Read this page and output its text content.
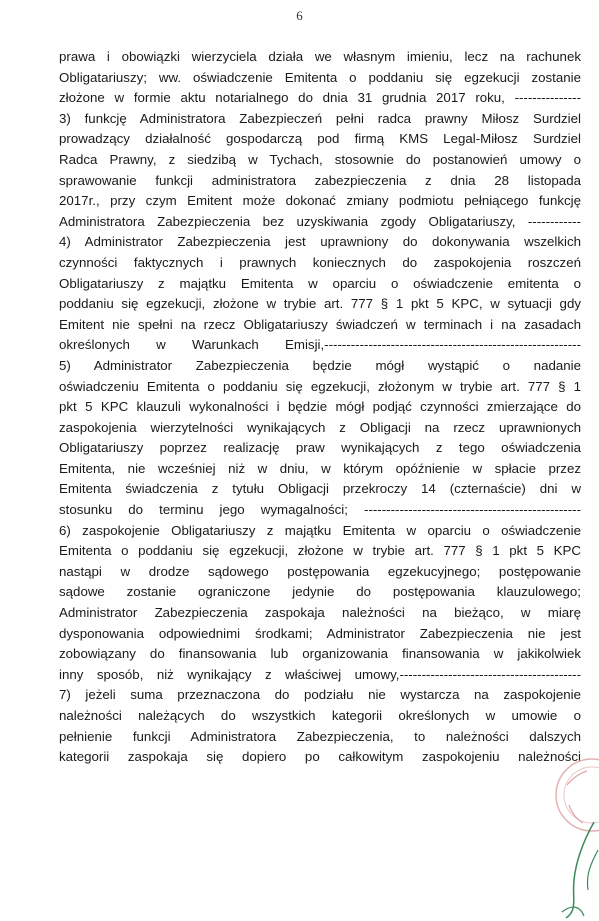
6
prawa i obowiązki wierzyciela działa we własnym imieniu, lecz na rachunek
Obligatariuszy; ww. oświadczenie Emitenta o poddaniu się egzekucji zostanie
złożone w formie aktu notarialnego do dnia 31 grudnia 2017 roku, ---------------
3) funkcję Administratora Zabezpieczeń pełni radca prawny Miłosz Surdziel
prowadzący działalność gospodarczą pod firmą KMS Legal-Miłosz Surdziel
Radca Prawny, z siedzibą w Tychach, stosownie do postanowień umowy o
sprawowanie funkcji administratora zabezpieczenia z dnia 28 listopada
2017r., przy czym Emitent może dokonać zmiany podmiotu pełniącego funkcję
Administratora Zabezpieczenia bez uzyskiwania zgody Obligatariuszy, ------------
4) Administrator Zabezpieczenia jest uprawniony do dokonywania wszelkich
czynności faktycznych i prawnych koniecznych do zaspokojenia roszczeń
Obligatariuszy z majątku Emitenta w oparciu o oświadczenie emitenta o
poddaniu się egzekucji, złożone w trybie art. 777 § 1 pkt 5 KPC, w sytuacji gdy
Emitent nie spełni na rzecz Obligatariuszy świadczeń w terminach i na zasadach
określonych w Warunkach Emisji,----------------------------------------------------------
5) Administrator Zabezpieczenia będzie mógł wystąpić o nadanie
oświadczeniu Emitenta o poddaniu się egzekucji, złożonym w trybie art. 777 § 1
pkt 5 KPC klauzuli wykonalności i będzie mógł podjąć czynności zmierzające do
zaspokojenia wierzytelności wynikających z Obligacji na rzecz uprawnionych
Obligatariuszy poprzez realizację praw wynikających z tego oświadczenia
Emitenta, nie wcześniej niż w dniu, w którym opóźnienie w spłacie przez
Emitenta świadczenia z tytułu Obligacji przekroczy 14 (czternaście) dni w
stosunku do terminu jego wymagalności; -------------------------------------------------
6) zaspokojenie Obligatariuszy z majątku Emitenta w oparciu o oświadczenie
Emitenta o poddaniu się egzekucji, złożone w trybie art. 777 § 1 pkt 5 KPC
nastąpi w drodze sądowego postępowania egzekucyjnego; postępowanie
sądowe zostanie ograniczone jedynie do postępowania klauzulowego;
Administrator Zabezpieczenia zaspokaja należności na bieżąco, w miarę
dysponowania odpowiednimi środkami; Administrator Zabezpieczenia nie jest
zobowiązany do finansowania lub organizowania finansowania w jakikolwiek
inny sposób, niż wynikający z właściwej umowy,-----------------------------------------
7) jeżeli suma przeznaczona do podziału nie wystarcza na zaspokojenie
należności należących do wszystkich kategorii określonych w umowie o
pełnienie funkcji Administratora Zabezpieczenia, to należności dalszych
kategorii zaspokaja się dopiero po całkowitym zaspokojeniu należności
